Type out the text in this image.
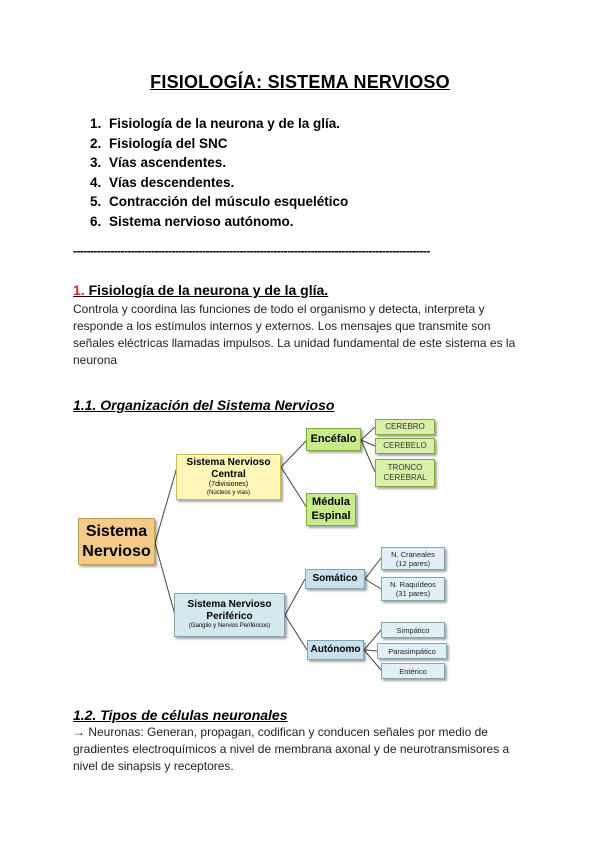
FISIOLOGÍA: SISTEMA NERVIOSO
1. Fisiología de la neurona y de la glía.
2. Fisiología del SNC
3. Vías ascendentes.
4. Vías descendentes.
5. Contracción del músculo esquelético
6. Sistema nervioso autónomo.
---------------------------------------------------------------------------------------------------------
1. Fisiología de la neurona y de la glía.
Controla y coordina las funciones de todo el organismo y detecta, interpreta y responde a los estímulos internos y externos. Los mensajes que transmite son señales eléctricas llamadas impulsos. La unidad fundamental de este sistema es la neurona
1.1. Organización del Sistema Nervioso
Sistema Nervioso
Sistema Nervioso Central
(7divisiones)
(Núcleos y vías)
Sistema Nervioso Periférico
(Ganglio y Nervios Periféricos)
Encéfalo
Médula Espinal
CEREBRO
CEREBELO
TRONCO CEREBRAL
Somático
Autónomo
N. Craneales
(12 pares)
N. Raquídeos
(31 pares)
Simpático
Parasimpático
Entérico
1.2. Tipos de células neuronales
→ Neuronas: Generan, propagan, codifican y conducen señales por medio de gradientes electroquímicos a nivel de membrana axonal y de neurotransmisores a nivel de sinapsis y receptores.
